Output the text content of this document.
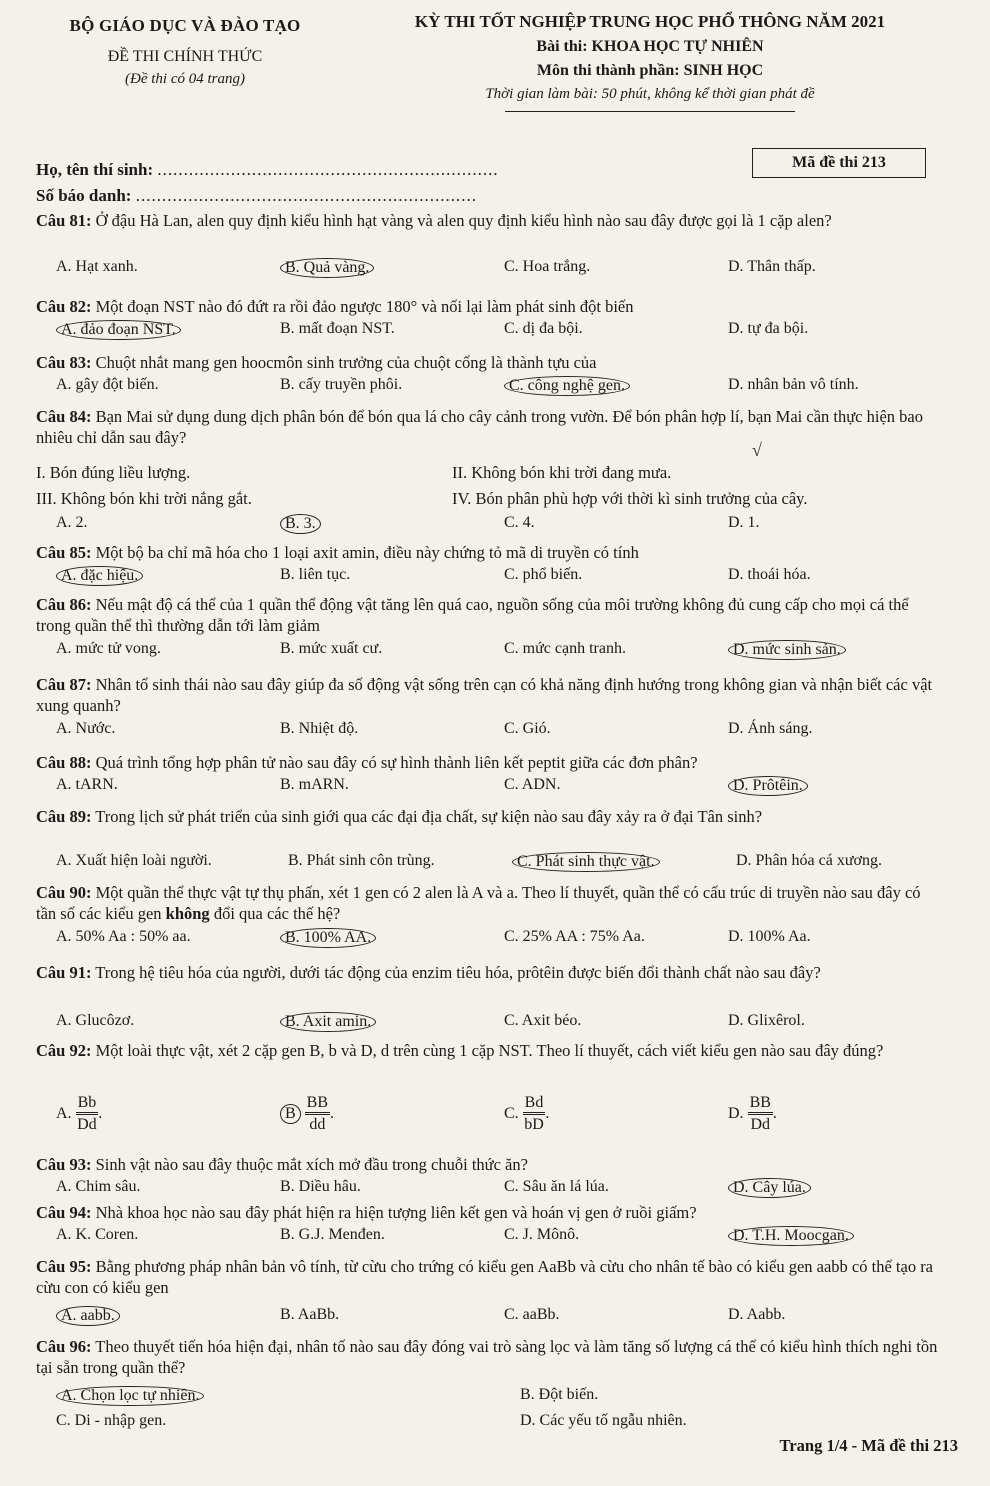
BỘ GIÁO DỤC VÀ ĐÀO TẠO
ĐỀ THI CHÍNH THỨC
(Đề thi có 04 trang)
KỲ THI TỐT NGHIỆP TRUNG HỌC PHỔ THÔNG NĂM 2021
Bài thi: KHOA HỌC TỰ NHIÊN
Môn thi thành phần: SINH HỌC
Thời gian làm bài: 50 phút, không kể thời gian phát đề
Họ, tên thí sinh: .................................................................
Số báo danh: .................................................................
Mã đề thi 213
Câu 81: Ở đậu Hà Lan, alen quy định kiểu hình hạt vàng và alen quy định kiểu hình nào sau đây được gọi là 1 cặp alen?
A. Hạt xanh.	B. Quả vàng.	C. Hoa trắng.	D. Thân thấp.
Câu 82: Một đoạn NST nào đó đứt ra rồi đảo ngược 180° và nối lại làm phát sinh đột biến
A. đảo đoạn NST.	B. mất đoạn NST.	C. dị đa bội.	D. tự đa bội.
Câu 83: Chuột nhắt mang gen hoocmôn sinh trưởng của chuột cống là thành tựu của
A. gây đột biến.	B. cấy truyền phôi.	C. công nghệ gen.	D. nhân bản vô tính.
Câu 84: Bạn Mai sử dụng dung dịch phân bón để bón qua lá cho cây cảnh trong vườn. Để bón phân hợp lí, bạn Mai cần thực hiện bao nhiêu chỉ dẫn sau đây?
I. Bón đúng liều lượng.	II. Không bón khi trời đang mưa.
III. Không bón khi trời nắng gắt.	IV. Bón phân phù hợp với thời kì sinh trưởng của cây.
A. 2.	B. 3.	C. 4.	D. 1.
√
Câu 85: Một bộ ba chỉ mã hóa cho 1 loại axit amin, điều này chứng tỏ mã di truyền có tính
A. đặc hiệu.	B. liên tục.	C. phổ biến.	D. thoái hóa.
Câu 86: Nếu mật độ cá thể của 1 quần thể động vật tăng lên quá cao, nguồn sống của môi trường không đủ cung cấp cho mọi cá thể trong quần thể thì thường dẫn tới làm giảm
A. mức tử vong.	B. mức xuất cư.	C. mức cạnh tranh.	D. mức sinh sản.
Câu 87: Nhân tố sinh thái nào sau đây giúp đa số động vật sống trên cạn có khả năng định hướng trong không gian và nhận biết các vật xung quanh?
A. Nước.	B. Nhiệt độ.	C. Gió.	D. Ánh sáng.
Câu 88: Quá trình tổng hợp phân tử nào sau đây có sự hình thành liên kết peptit giữa các đơn phân?
A. tARN.	B. mARN.	C. ADN.	D. Prôtêin.
Câu 89: Trong lịch sử phát triển của sinh giới qua các đại địa chất, sự kiện nào sau đây xảy ra ở đại Tân sinh?
A. Xuất hiện loài người.	B. Phát sinh côn trùng.	C. Phát sinh thực vật.	D. Phân hóa cá xương.
Câu 90: Một quần thể thực vật tự thụ phấn, xét 1 gen có 2 alen là A và a. Theo lí thuyết, quần thể có cấu trúc di truyền nào sau đây có tần số các kiểu gen không đổi qua các thế hệ?
A. 50% Aa : 50% aa.	B. 100% AA.	C. 25% AA : 75% Aa.	D. 100% Aa.
Câu 91: Trong hệ tiêu hóa của người, dưới tác động của enzim tiêu hóa, prôtêin được biến đổi thành chất nào sau đây?
A. Glucôzơ.	B. Axit amin.	C. Axit béo.	D. Glixêrol.
Câu 92: Một loài thực vật, xét 2 cặp gen B, b và D, d trên cùng 1 cặp NST. Theo lí thuyết, cách viết kiểu gen nào sau đây đúng?
A. $\frac{Bb}{Dd}$ .	B $\frac{BB}{dd}$ .	C. $\frac{Bd}{bD}$ .	D. $\frac{BB}{Dd}$ .
Câu 93: Sinh vật nào sau đây thuộc mắt xích mở đầu trong chuỗi thức ăn?
A. Chim sâu.	B. Diều hâu.	C. Sâu ăn lá lúa.	D. Cây lúa.
Câu 94: Nhà khoa học nào sau đây phát hiện ra hiện tượng liên kết gen và hoán vị gen ở ruồi giấm?
A. K. Coren.	B. G.J. Menđen.	C. J. Mônô.	D. T.H. Moocgan.
Câu 95: Bằng phương pháp nhân bản vô tính, từ cừu cho trứng có kiểu gen AaBb và cừu cho nhân tế bào có kiểu gen aabb có thể tạo ra cừu con có kiểu gen
A. aabb.	B. AaBb.	C. aaBb.	D. Aabb.
Câu 96: Theo thuyết tiến hóa hiện đại, nhân tố nào sau đây đóng vai trò sàng lọc và làm tăng số lượng cá thể có kiểu hình thích nghi tồn tại sẵn trong quần thể?
A. Chọn lọc tự nhiên.	B. Đột biến.
C. Di - nhập gen.	D. Các yếu tố ngẫu nhiên.
Trang 1/4 - Mã đề thi 213
